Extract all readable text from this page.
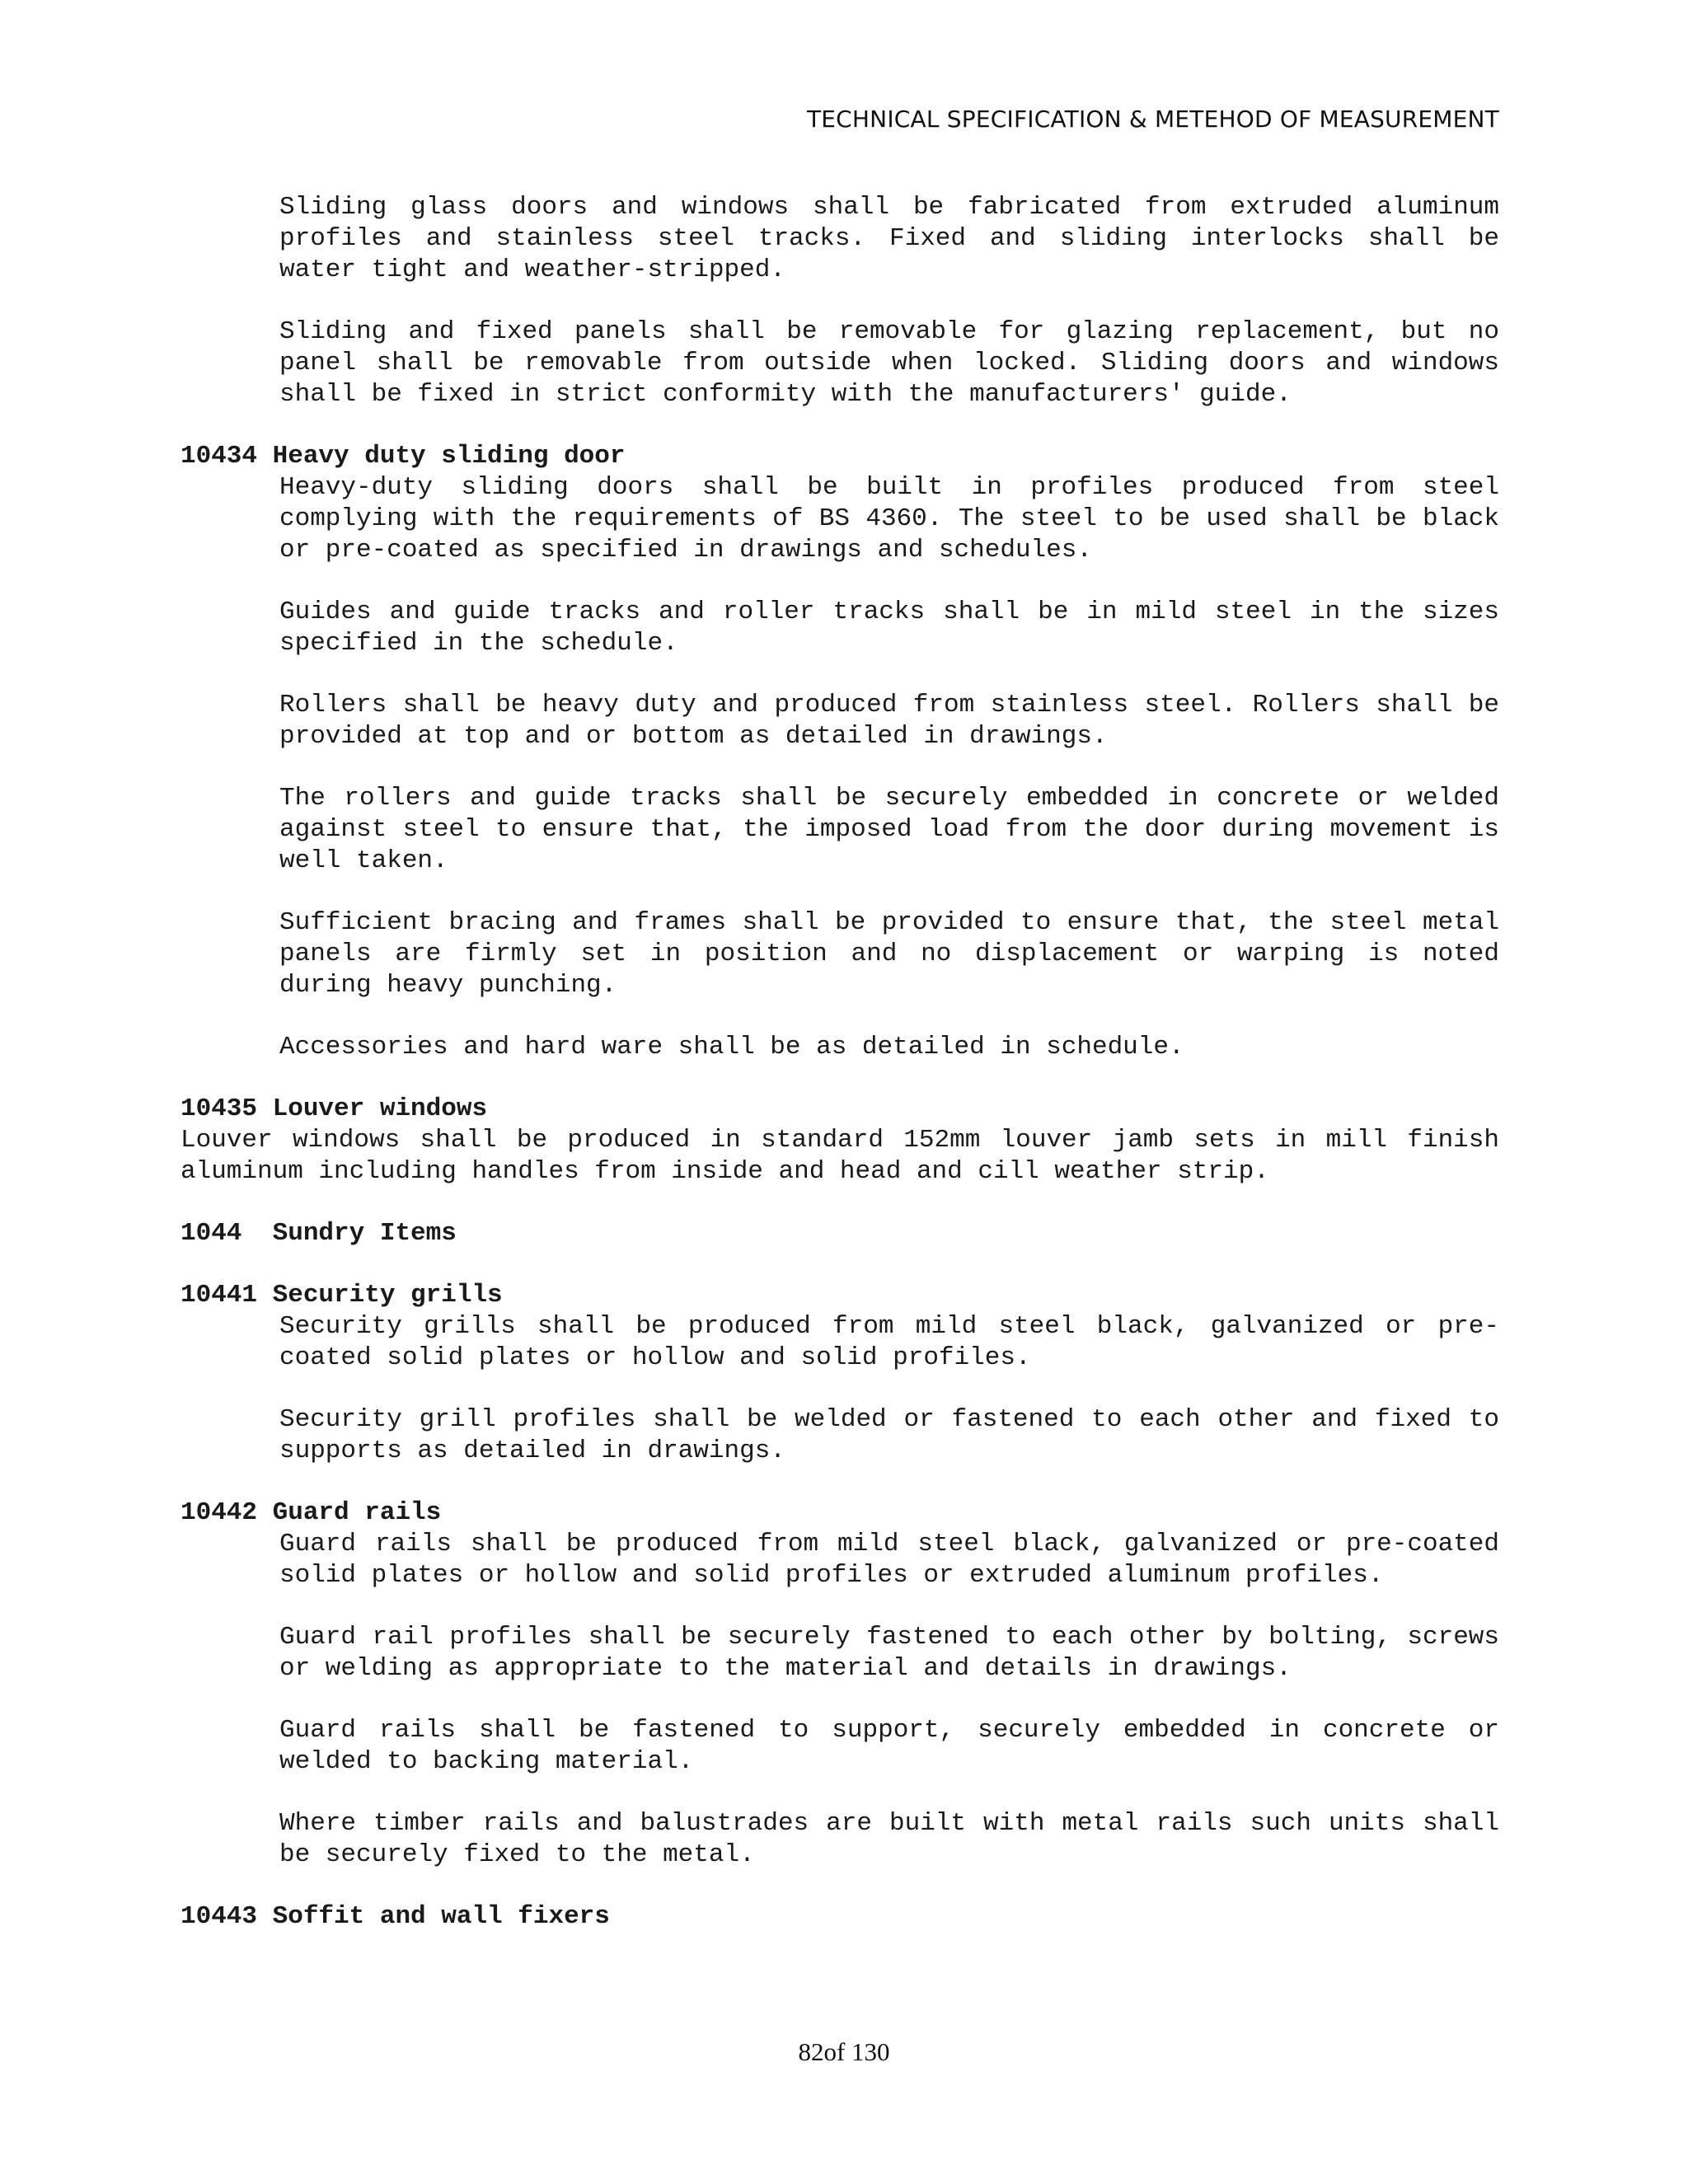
TECHNICAL SPECIFICATION & METEHOD OF MEASUREMENT

Sliding glass doors and windows shall be fabricated from extruded aluminum profiles and stainless steel tracks. Fixed and sliding interlocks shall be water tight and weather-stripped.

Sliding and fixed panels shall be removable for glazing replacement, but no panel shall be removable from outside when locked. Sliding doors and windows shall be fixed in strict conformity with the manufacturers' guide.

10434 Heavy duty sliding door

Heavy-duty sliding doors shall be built in profiles produced from steel complying with the requirements of BS 4360. The steel to be used shall be black or pre-coated as specified in drawings and schedules.

Guides and guide tracks and roller tracks shall be in mild steel in the sizes specified in the schedule.

Rollers shall be heavy duty and produced from stainless steel. Rollers shall be provided at top and or bottom as detailed in drawings.

The rollers and guide tracks shall be securely embedded in concrete or welded against steel to ensure that, the imposed load from the door during movement is well taken.

Sufficient bracing and frames shall be provided to ensure that, the steel metal panels are firmly set in position and no displacement or warping is noted during heavy punching.

Accessories and hard ware shall be as detailed in schedule.

10435 Louver windows

Louver windows shall be produced in standard 152mm louver jamb sets in mill finish aluminum including handles from inside and head and cill weather strip.

1044  Sundry Items
10441 Security grills

Security grills shall be produced from mild steel black, galvanized or pre-coated solid plates or hollow and solid profiles.

Security grill profiles shall be welded or fastened to each other and fixed to supports as detailed in drawings.

10442 Guard rails

Guard rails shall be produced from mild steel black, galvanized or pre-coated solid plates or hollow and solid profiles or extruded aluminum profiles.

Guard rail profiles shall be securely fastened to each other by bolting, screws or welding as appropriate to the material and details in drawings.

Guard rails shall be fastened to support, securely embedded in concrete or welded to backing material.

Where timber rails and balustrades are built with metal rails such units shall be securely fixed to the metal.

10443 Soffit and wall fixers
82of 130
